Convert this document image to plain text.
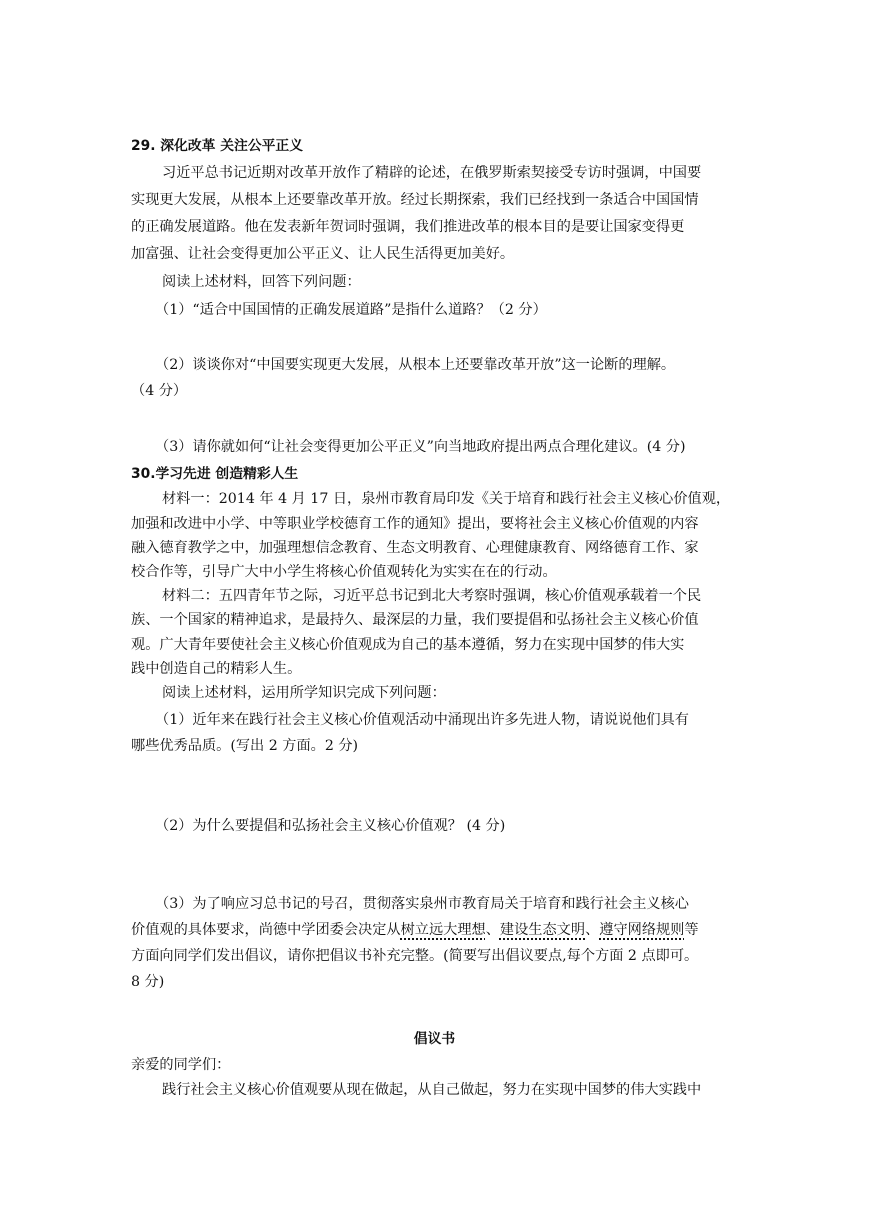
29. 深化改革 关注公平正义
习近平总书记近期对改革开放作了精辟的论述，在俄罗斯索契接受专访时强调，中国要
实现更大发展，从根本上还要靠改革开放。经过长期探索，我们已经找到一条适合中国国情
的正确发展道路。他在发表新年贺词时强调，我们推进改革的根本目的是要让国家变得更
加富强、让社会变得更加公平正义、让人民生活得更加美好。
阅读上述材料，回答下列问题：
（1）“适合中国国情的正确发展道路”是指什么道路？（2 分）
（2）谈谈你对“中国要实现更大发展，从根本上还要靠改革开放”这一论断的理解。
（4 分）
（3）请你就如何“让社会变得更加公平正义”向当地政府提出两点合理化建议。(4 分)
30.学习先进 创造精彩人生
材料一：2014 年 4 月 17 日，泉州市教育局印发《关于培育和践行社会主义核心价值观，
加强和改进中小学、中等职业学校德育工作的通知》提出，要将社会主义核心价值观的内容
融入德育教学之中，加强理想信念教育、生态文明教育、心理健康教育、网络德育工作、家
校合作等，引导广大中小学生将核心价值观转化为实实在在的行动。
材料二：五四青年节之际，习近平总书记到北大考察时强调，核心价值观承载着一个民
族、一个国家的精神追求，是最持久、最深层的力量，我们要提倡和弘扬社会主义核心价值
观。广大青年要使社会主义核心价值观成为自己的基本遵循，努力在实现中国梦的伟大实
践中创造自己的精彩人生。
阅读上述材料，运用所学知识完成下列问题：
（1）近年来在践行社会主义核心价值观活动中涌现出许多先进人物，请说说他们具有
哪些优秀品质。(写出 2 方面。2 分)
（2）为什么要提倡和弘扬社会主义核心价值观？ (4 分)
（3）为了响应习总书记的号召，贯彻落实泉州市教育局关于培育和践行社会主义核心
价值观的具体要求，尚德中学团委会决定从树立远大理想、建设生态文明、遵守网络规则等
方面向同学们发出倡议，请你把倡议书补充完整。(简要写出倡议要点,每个方面 2 点即可。
8 分)
倡议书
亲爱的同学们：
践行社会主义核心价值观要从现在做起，从自己做起，努力在实现中国梦的伟大实践中
